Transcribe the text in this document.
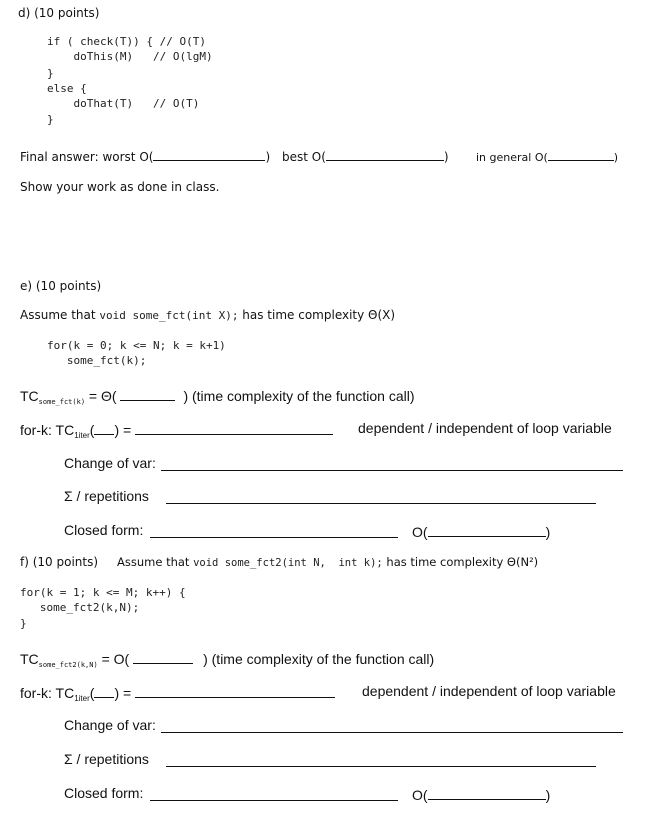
d) (10 points)
if ( check(T)) { // O(T)
doThis(M)   // O(lgM)
}
else {
doThat(T)   // O(T)
}
Final answer: worst O(	) best O(	) in general O(	)
Show your work as done in class.
e) (10 points)
Assume that void some_fct(int X); has time complexity Θ(X)
for(k = 0; k <= N; k = k+1)
some_fct(k);
$TC_{some\_fct(k)} = \Theta$(	) (time complexity of the function call)
for-k: $TC_{1iter}$( ) =	dependent / independent of loop variable
Change of var:
Σ / repetitions
Closed form:	O(	)
f) (10 points) Assume that void some_fct2(int N,  int k); has time complexity Θ(N²)
for(k = 1; k <= M; k++) {
some_fct2(k,N);
}
$TC_{some\_fct2(k,N)} = O$(	) (time complexity of the function call)
for-k: $TC_{1iter}$( ) =	dependent / independent of loop variable
Change of var:
Σ / repetitions
Closed form:	O(	)
